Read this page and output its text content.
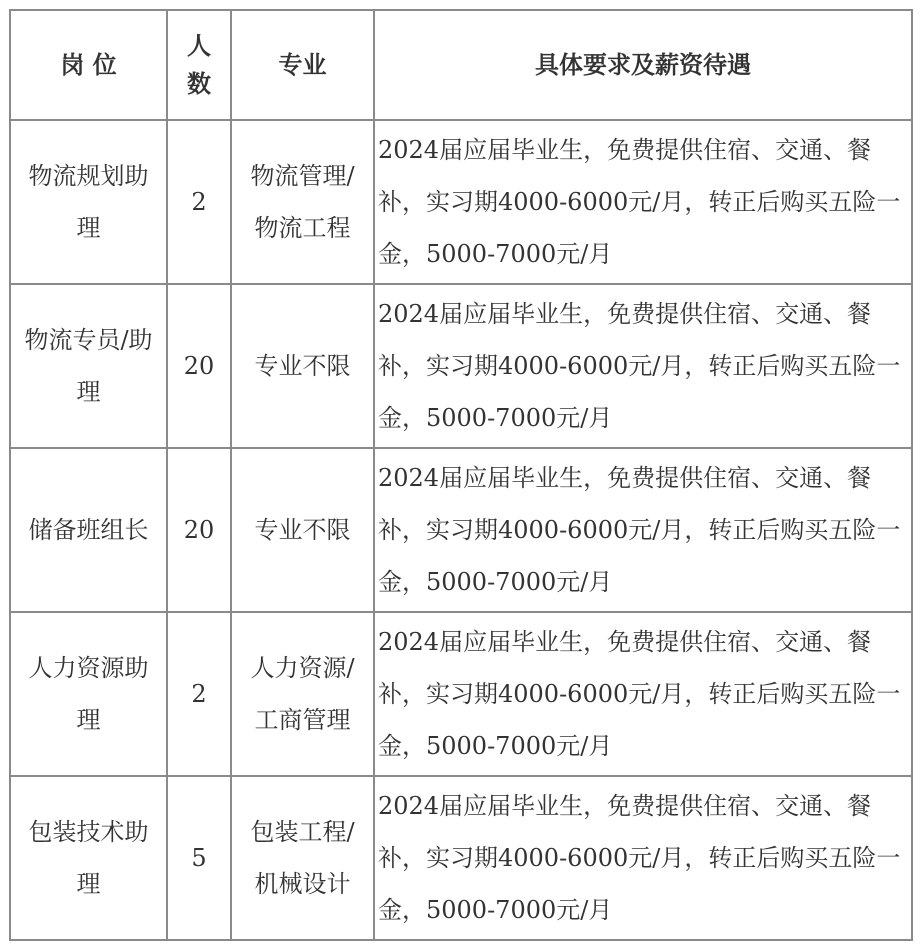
岗 位	人数	专业	具体要求及薪资待遇
物流规划助理	2	物流管理/物流工程	2024届应届毕业生，免费提供住宿、交通、餐补，实习期4000-6000元/月，转正后购买五险一金，5000-7000元/月
物流专员/助理	20	专业不限	2024届应届毕业生，免费提供住宿、交通、餐补，实习期4000-6000元/月，转正后购买五险一金，5000-7000元/月
储备班组长	20	专业不限	2024届应届毕业生，免费提供住宿、交通、餐补，实习期4000-6000元/月，转正后购买五险一金，5000-7000元/月
人力资源助理	2	人力资源/工商管理	2024届应届毕业生，免费提供住宿、交通、餐补，实习期4000-6000元/月，转正后购买五险一金，5000-7000元/月
包装技术助理	5	包装工程/机械设计	2024届应届毕业生，免费提供住宿、交通、餐补，实习期4000-6000元/月，转正后购买五险一金，5000-7000元/月
